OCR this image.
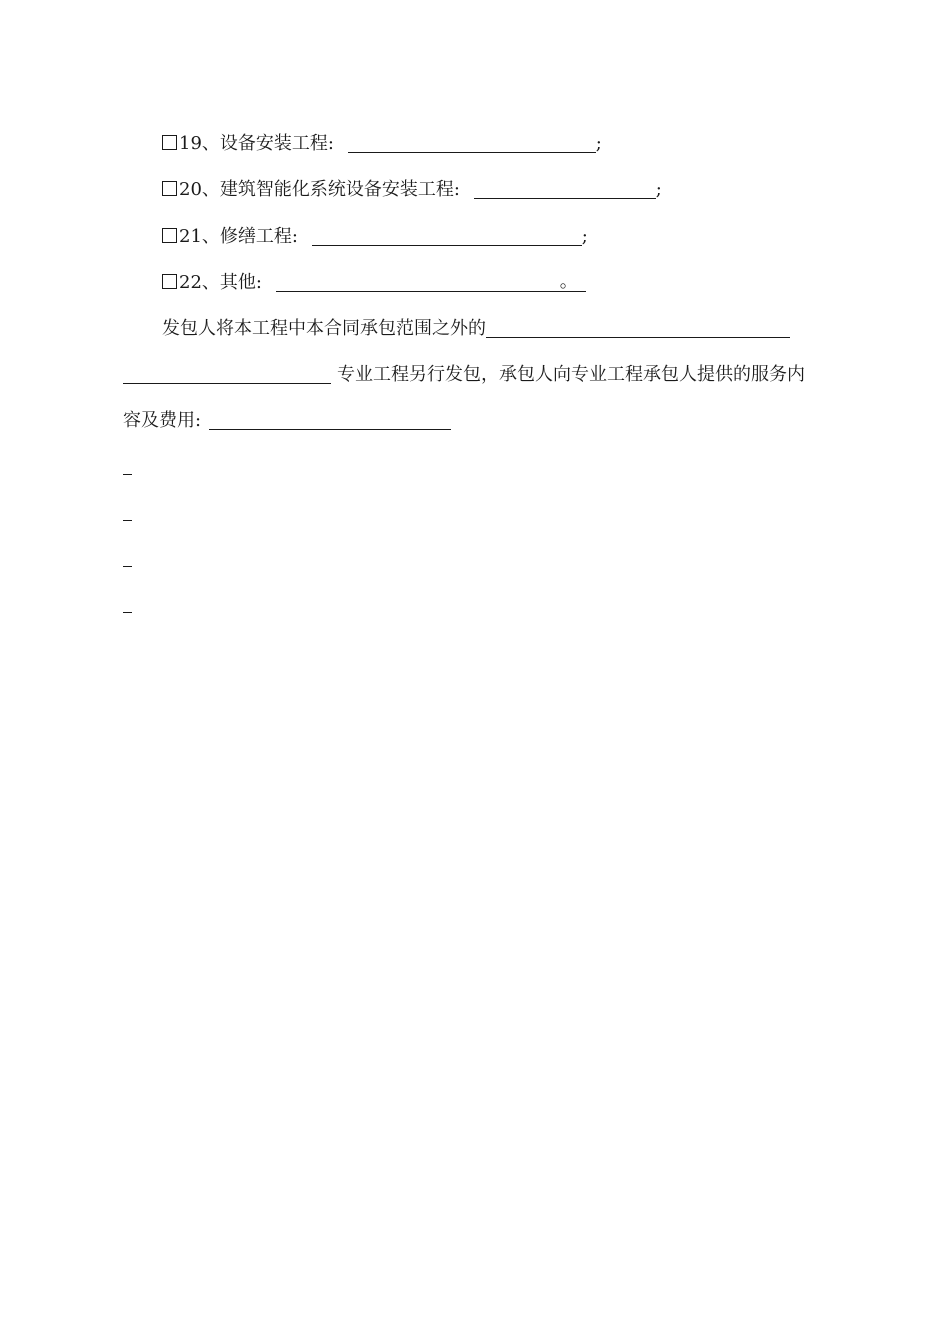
19、设备安装工程:	;
20、建筑智能化系统设备安装工程:	;
21、修缮工程:	;
22、其他:	。
发包人将本工程中本合同承包范围之外的
专业工程另行发包，承包人向专业工程承包人提供的服务内
容及费用:
